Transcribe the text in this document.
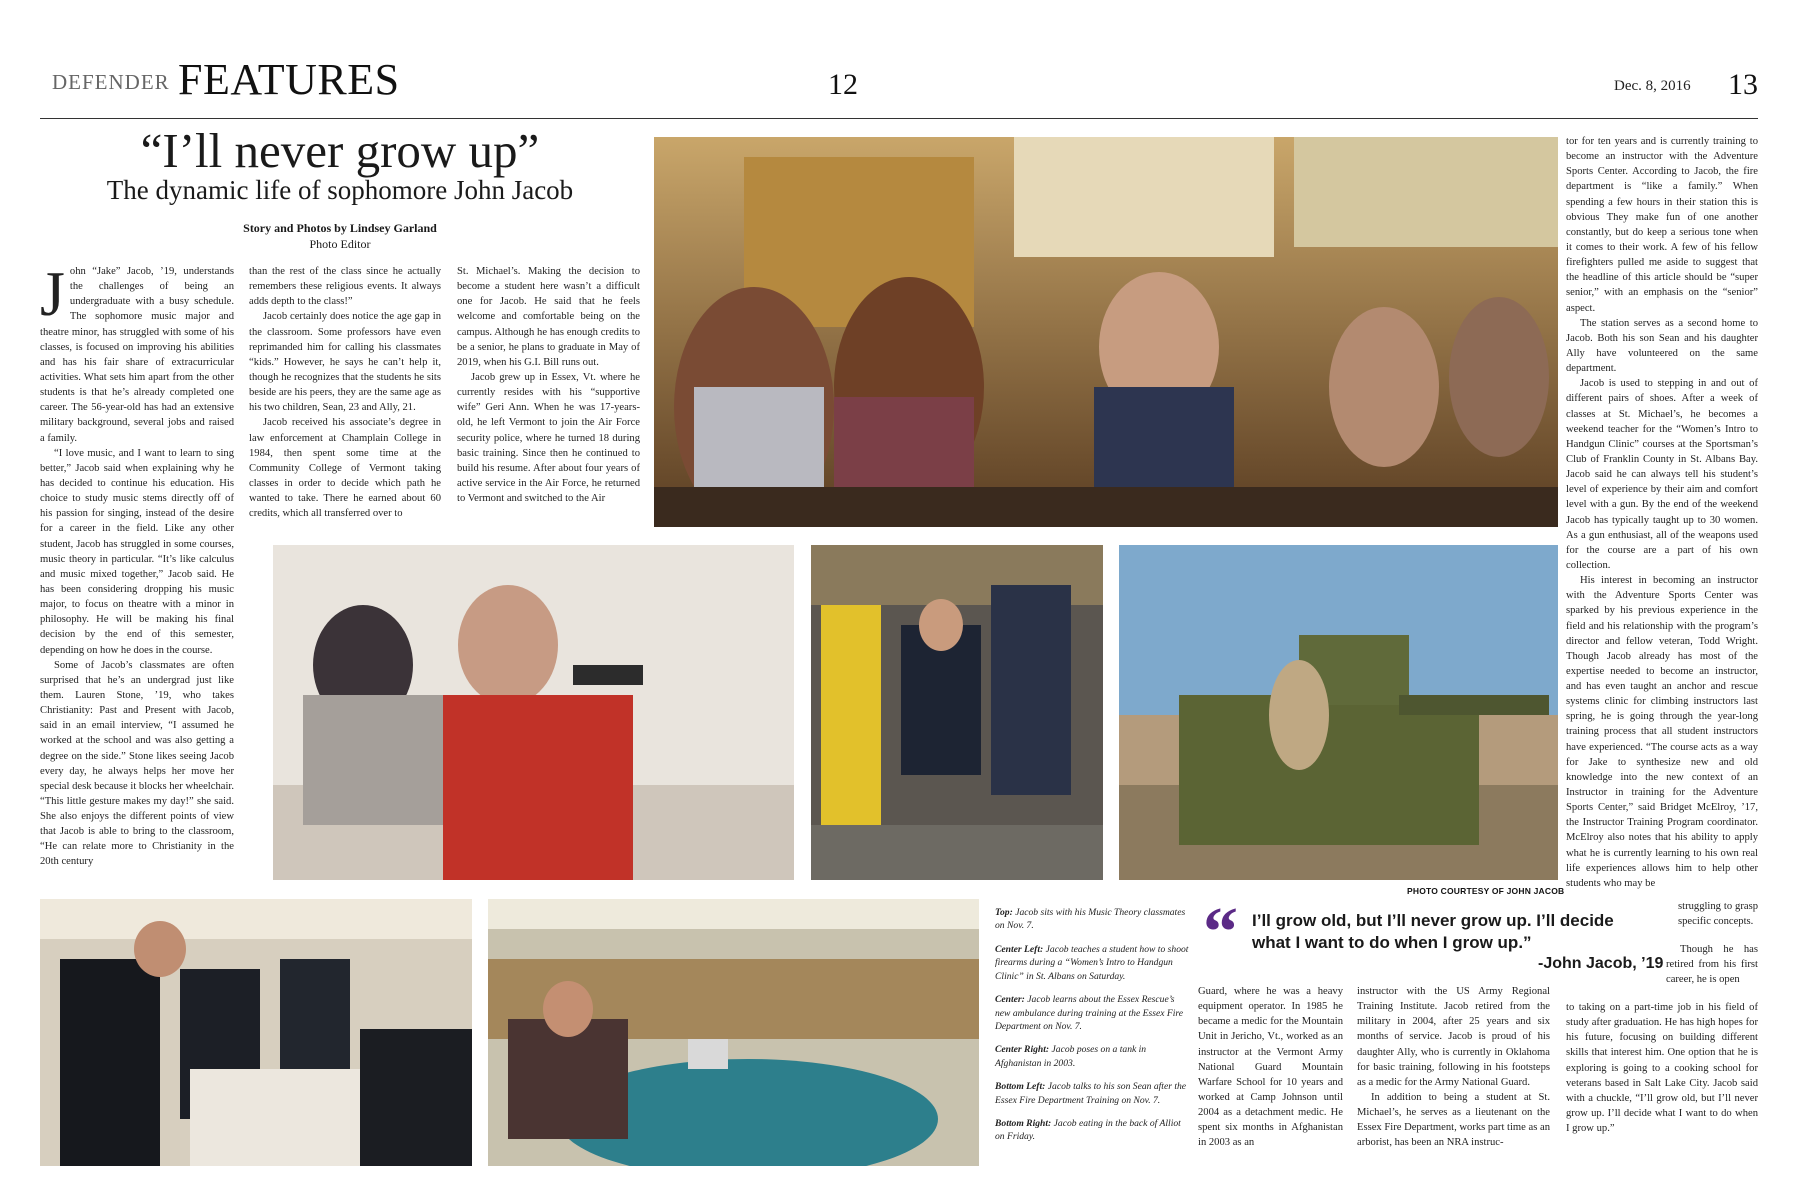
DEFENDER FEATURES	12	Dec. 8, 2016 13
“I’ll never grow up”
The dynamic life of sophomore John Jacob
Story and Photos by Lindsey Garland
Photo Editor

John “Jake” Jacob, ’19, understands the challenges of being an undergraduate with a busy schedule. The sophomore music major and theatre minor, has struggled with some of his classes, is focused on improving his abilities and has his fair share of extracurricular activities. What sets him apart from the other students is that he’s already completed one career. The 56-year-old has had an extensive military background, several jobs and raised a family.

“I love music, and I want to learn to sing better,” Jacob said when explaining why he has decided to continue his education. His choice to study music stems directly off of his passion for singing, instead of the desire for a career in the field. Like any other student, Jacob has struggled in some courses, music theory in particular. “It’s like calculus and music mixed together,” Jacob said. He has been considering dropping his music major, to focus on theatre with a minor in philosophy. He will be making his final decision by the end of this semester, depending on how he does in the course.

Some of Jacob’s classmates are often surprised that he’s an undergrad just like them. Lauren Stone, ’19, who takes Christianity: Past and Present with Jacob, said in an email interview, “I assumed he worked at the school and was also getting a degree on the side.” Stone likes seeing Jacob every day, he always helps her move her special desk because it blocks her wheelchair. “This little gesture makes my day!” she said. She also enjoys the different points of view that Jacob is able to bring to the classroom, “He can relate more to Christianity in the 20th century

than the rest of the class since he actually remembers these religious events. It always adds depth to the class!”

Jacob certainly does notice the age gap in the classroom. Some professors have even reprimanded him for calling his classmates “kids.” However, he says he can’t help it, though he recognizes that the students he sits beside are his peers, they are the same age as his two children, Sean, 23 and Ally, 21.

Jacob received his associate’s degree in law enforcement at Champlain College in 1984, then spent some time at the Community College of Vermont taking classes in order to decide which path he wanted to take. There he earned about 60 credits, which all transferred over to

St. Michael’s. Making the decision to become a student here wasn’t a difficult one for Jacob. He said that he feels welcome and comfortable being on the campus. Although he has enough credits to be a senior, he plans to graduate in May of 2019, when his G.I. Bill runs out.

Jacob grew up in Essex, Vt. where he currently resides with his “supportive wife” Geri Ann. When he was 17-years-old, he left Vermont to join the Air Force security police, where he turned 18 during basic training. Since then he continued to build his resume. After about four years of active service in the Air Force, he returned to Vermont and switched to the Air

PHOTO COURTESY OF JOHN JACOB

Top: Jacob sits with his Music Theory classmates on Nov. 7.

Center Left: Jacob teaches a student how to shoot firearms during a “Women’s Intro to Handgun Clinic” in St. Albans on Saturday.

Center: Jacob learns about the Essex Rescue’s new ambulance during training at the Essex Fire Department on Nov. 7.

Center Right: Jacob poses on a tank in Afghanistan in 2003.

Bottom Left: Jacob talks to his son Sean after the Essex Fire Department Training on Nov. 7.

Bottom Right: Jacob eating in the back of Alliot on Friday.

“ I’ll grow old, but I’ll never grow up. I’ll decide
what I want to do when I grow up.”
-John Jacob, ’19

Guard, where he was a heavy equipment operator. In 1985 he became a medic for the Mountain Unit in Jericho, Vt., worked as an instructor at the Vermont Army National Guard Mountain Warfare School for 10 years and worked at Camp Johnson until 2004 as a detachment medic. He spent six months in Afghanistan in 2003 as an

instructor with the US Army Regional Training Institute. Jacob retired from the military in 2004, after 25 years and six months of service. Jacob is proud of his daughter Ally, who is currently in Oklahoma for basic training, following in his footsteps as a medic for the Army National Guard.

In addition to being a student at St. Michael’s, he serves as a lieutenant on the Essex Fire Department, works part time as an arborist, has been an NRA instruc-

tor for ten years and is currently training to become an instructor with the Adventure Sports Center. According to Jacob, the fire department is “like a family.” When spending a few hours in their station this is obvious They make fun of one another constantly, but do keep a serious tone when it comes to their work. A few of his fellow firefighters pulled me aside to suggest that the headline of this article should be “super senior,” with an emphasis on the “senior” aspect.

The station serves as a second home to Jacob. Both his son Sean and his daughter Ally have volunteered on the same department.

Jacob is used to stepping in and out of different pairs of shoes. After a week of classes at St. Michael’s, he becomes a weekend teacher for the “Women’s Intro to Handgun Clinic” courses at the Sportsman’s Club of Franklin County in St. Albans Bay. Jacob said he can always tell his student’s level of experience by their aim and comfort level with a gun. By the end of the weekend Jacob has typically taught up to 30 women. As a gun enthusiast, all of the weapons used for the course are a part of his own collection.

His interest in becoming an instructor with the Adventure Sports Center was sparked by his previous experience in the field and his relationship with the program’s director and fellow veteran, Todd Wright. Though Jacob already has most of the expertise needed to become an instructor, and has even taught an anchor and rescue systems clinic for climbing instructors last spring, he is going through the year-long training process that all student instructors have experienced. “The course acts as a way for Jake to synthesize new and old knowledge into the new context of an Instructor in training for the Adventure Sports Center,” said Bridget McElroy, ’17, the Instructor Training Program coordinator. McElroy also notes that his ability to apply what he is currently learning to his own real life experiences allows him to help other students who may be

struggling to grasp specific concepts.

Though he has retired from his first career, he is open

to taking on a part-time job in his field of study after graduation. He has high hopes for his future, focusing on building different skills that interest him. One option that he is exploring is going to a cooking school for veterans based in Salt Lake City. Jacob said with a chuckle, “I’ll grow old, but I’ll never grow up. I’ll decide what I want to do when I grow up.”
